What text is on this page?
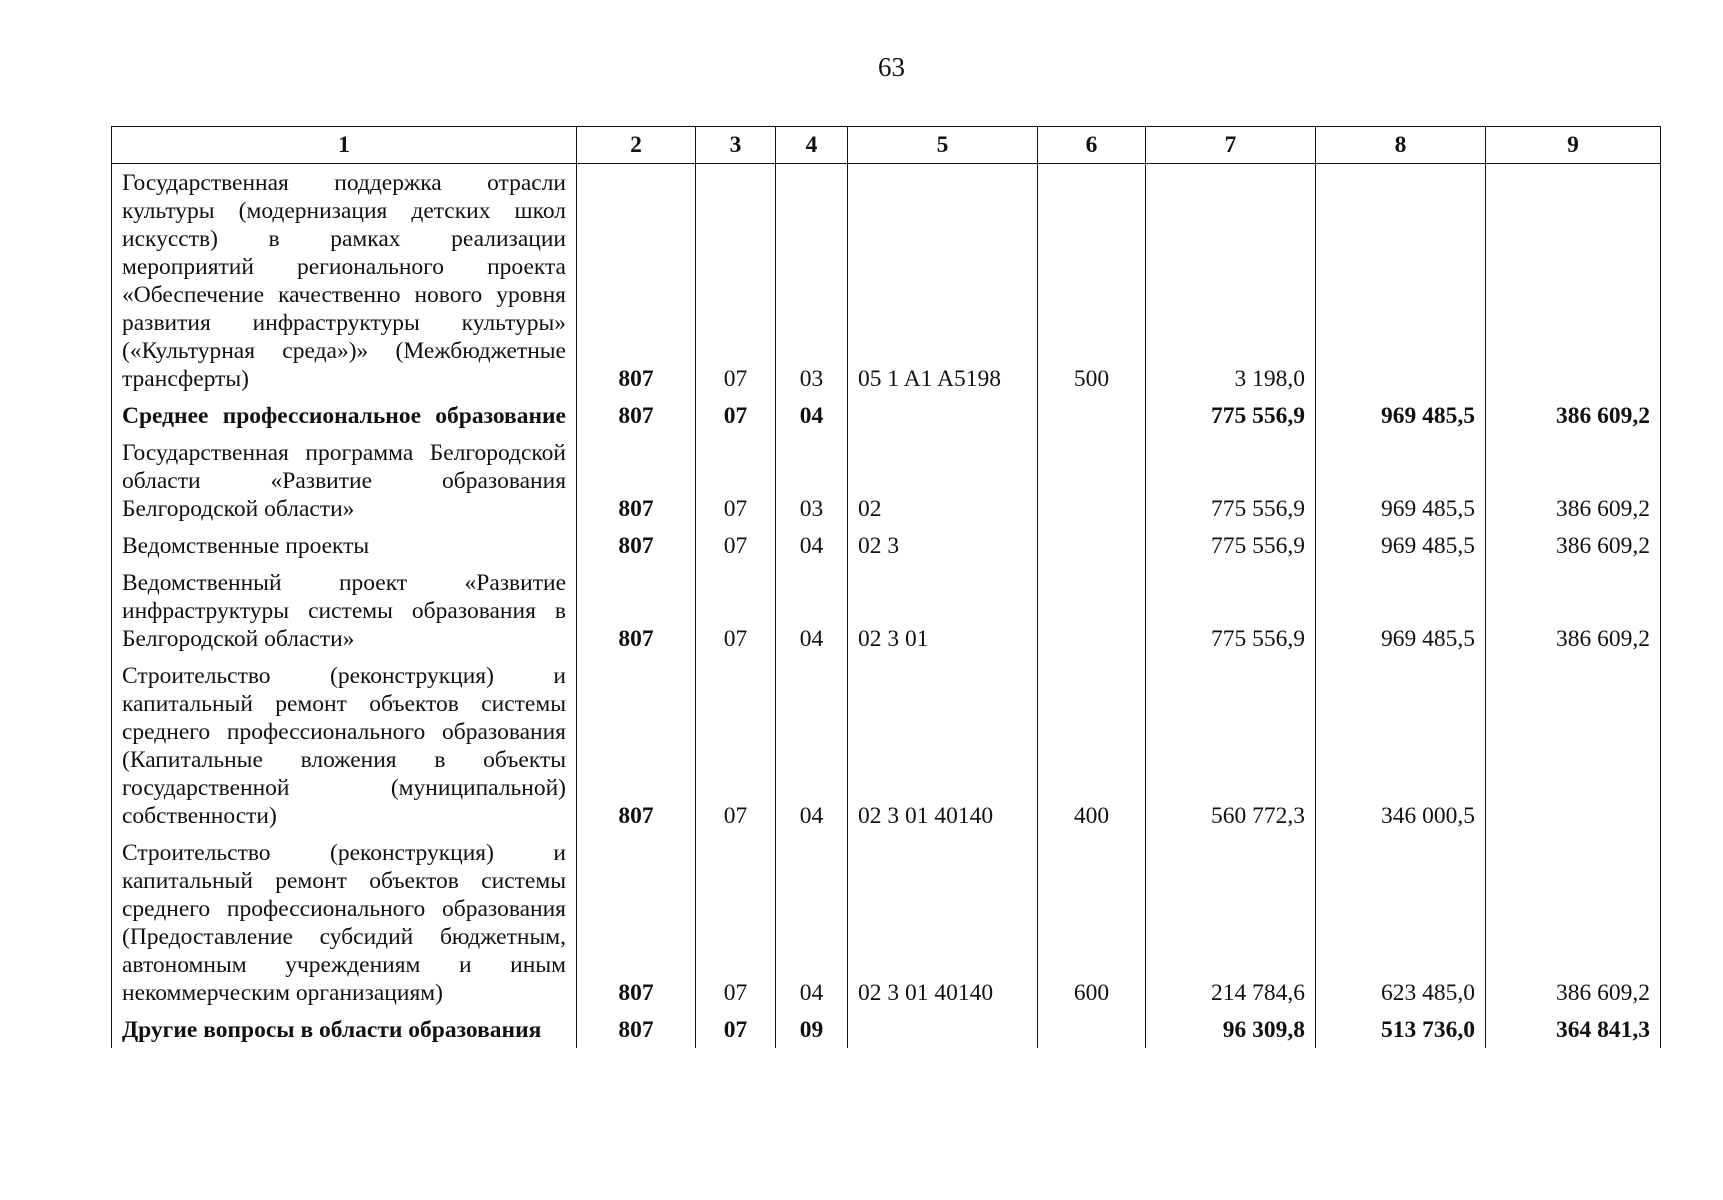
63
1	2	3	4	5	6	7	8	9
Государственная поддержка отрасли культуры (модернизация детских школ искусств) в рамках реализации мероприятий регионального проекта «Обеспечение качественно нового уровня развития инфраструктуры культуры» («Культурная среда»)» (Межбюджетные трансферты)	807	07	03	05 1 A1 A5198	500	3 198,0		
Среднее профессиональное образование	807	07	04			775 556,9	969 485,5	386 609,2
Государственная программа Белгородской области «Развитие образования Белгородской области»	807	07	03	02		775 556,9	969 485,5	386 609,2
Ведомственные проекты	807	07	04	02 3		775 556,9	969 485,5	386 609,2
Ведомственный проект «Развитие инфраструктуры системы образования в Белгородской области»	807	07	04	02 3 01		775 556,9	969 485,5	386 609,2
Строительство (реконструкция) и капитальный ремонт объектов системы среднего профессионального образования (Капитальные вложения в объекты государственной (муниципальной) собственности)	807	07	04	02 3 01 40140	400	560 772,3	346 000,5	
Строительство (реконструкция) и капитальный ремонт объектов системы среднего профессионального образования (Предоставление субсидий бюджетным, автономным учреждениям и иным некоммерческим организациям)	807	07	04	02 3 01 40140	600	214 784,6	623 485,0	386 609,2
Другие вопросы в области образования	807	07	09			96 309,8	513 736,0	364 841,3
